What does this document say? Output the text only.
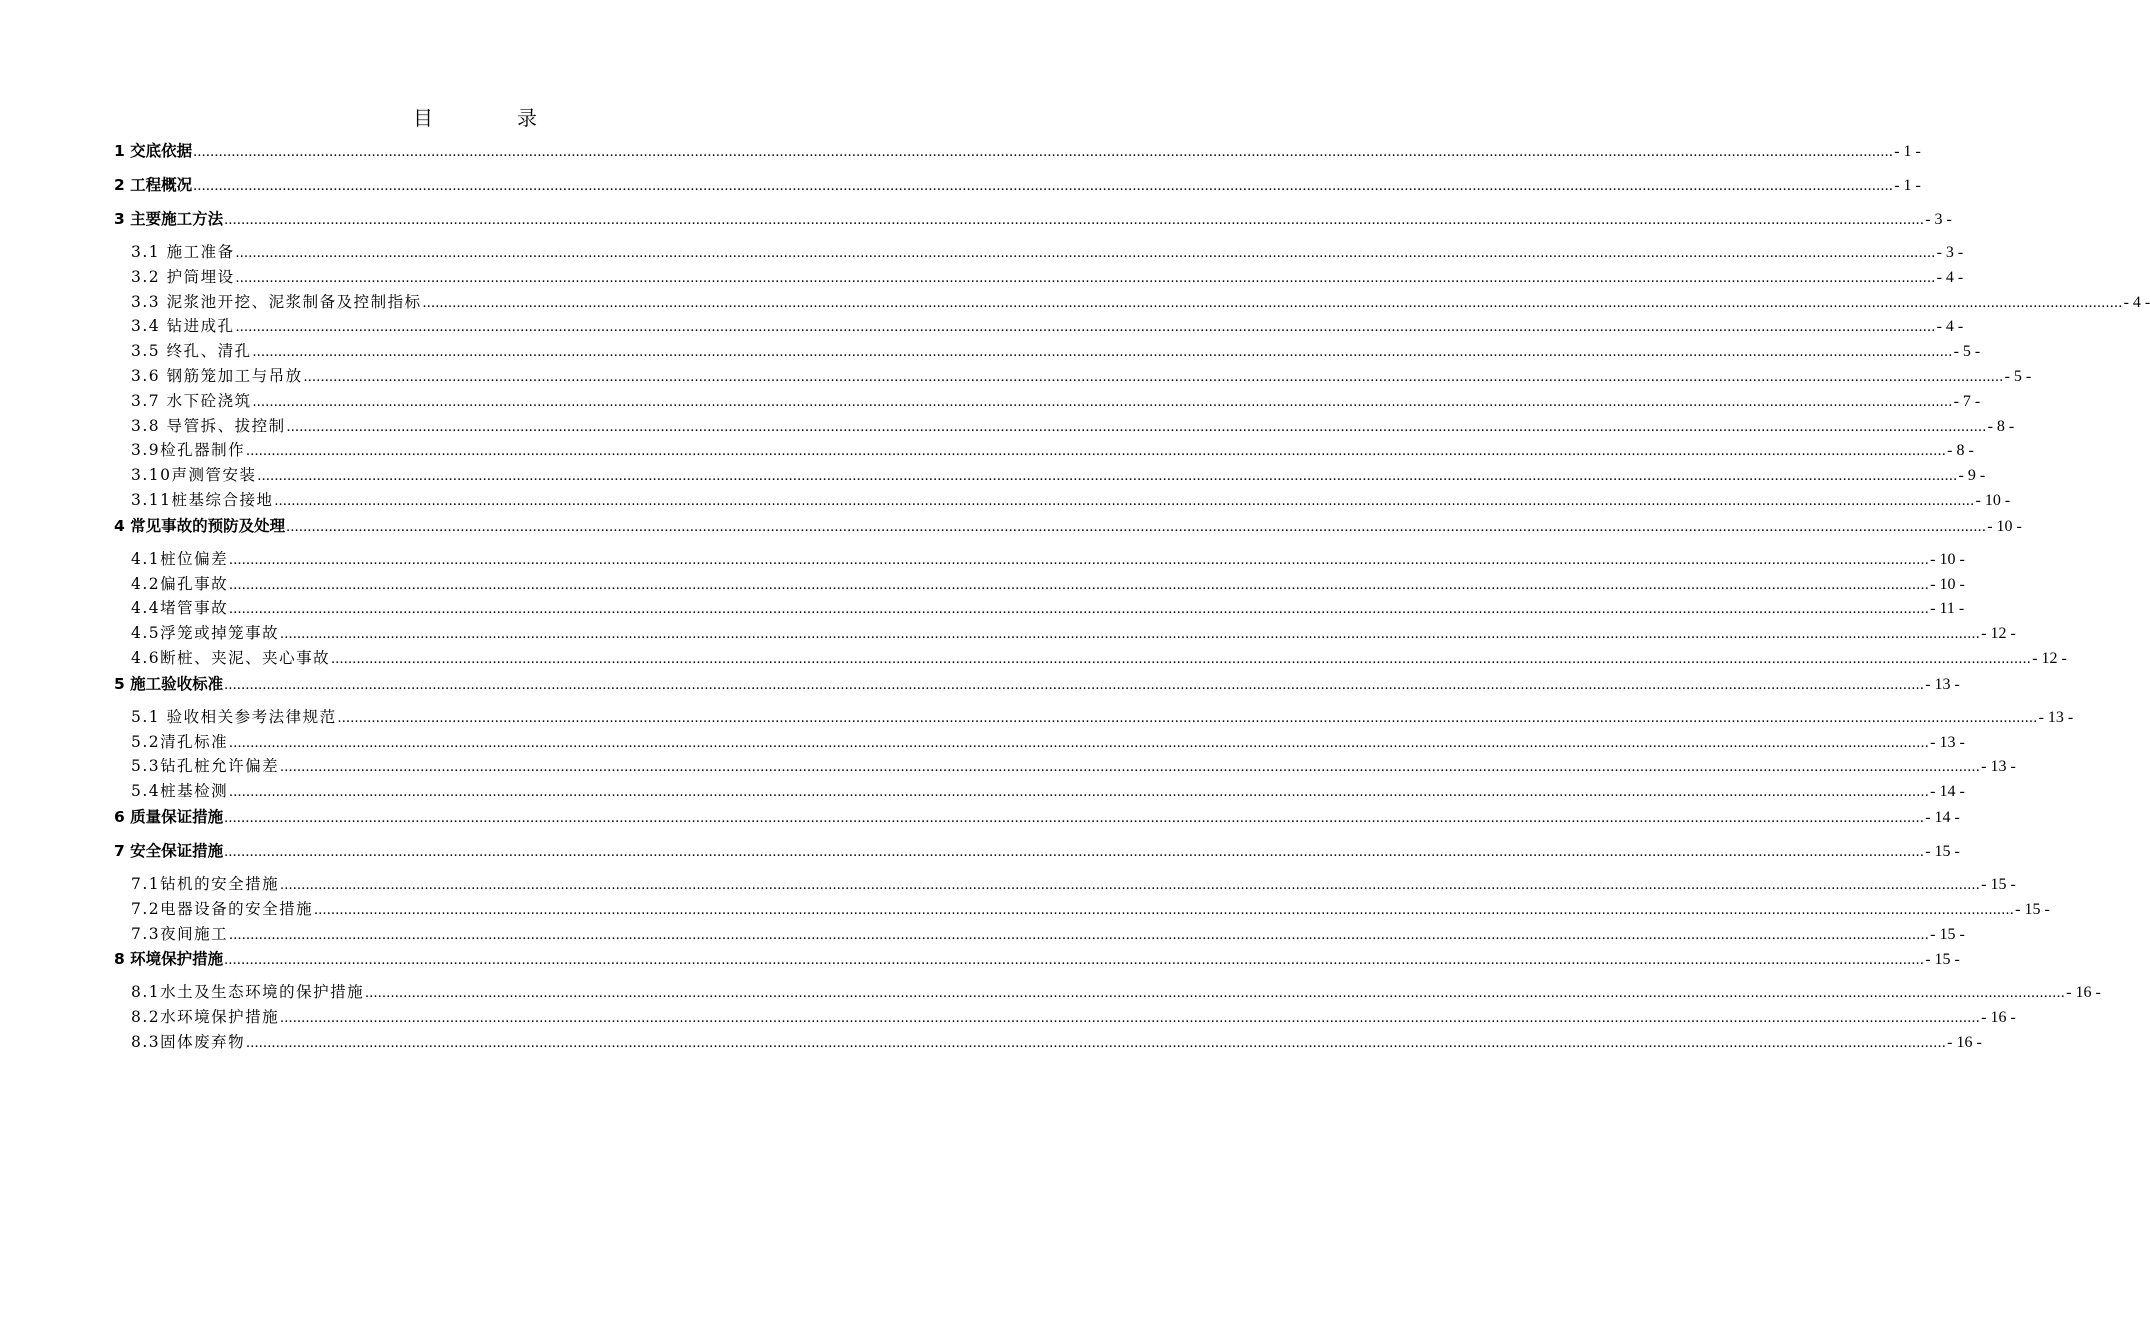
目　录
1 交底依据 ................................................................................................................................................................................................................................................................................................................................................................................................................ - 1 -
2 工程概况 ................................................................................................................................................................................................................................................................................................................................................................................................................ - 1 -
3 主要施工方法 ................................................................................................................................................................................................................................................................................................................................................................................................................ - 3 -
3.1 施工准备 ................................................................................................................................................................................................................................................................................................................................................................................................................ - 3 -
3.2 护筒埋设 ................................................................................................................................................................................................................................................................................................................................................................................................................ - 4 -
3.3 泥浆池开挖、泥浆制备及控制指标 ................................................................................................................................................................................................................................................................................................................................................................................................................ - 4 -
3.4 钻进成孔 ................................................................................................................................................................................................................................................................................................................................................................................................................ - 4 -
3.5 终孔、清孔 ................................................................................................................................................................................................................................................................................................................................................................................................................ - 5 -
3.6 钢筋笼加工与吊放 ................................................................................................................................................................................................................................................................................................................................................................................................................ - 5 -
3.7 水下砼浇筑 ................................................................................................................................................................................................................................................................................................................................................................................................................ - 7 -
3.8 导管拆、拔控制 ................................................................................................................................................................................................................................................................................................................................................................................................................ - 8 -
3.9检孔器制作 ................................................................................................................................................................................................................................................................................................................................................................................................................ - 8 -
3.10声测管安装 ................................................................................................................................................................................................................................................................................................................................................................................................................ - 9 -
3.11桩基综合接地 ................................................................................................................................................................................................................................................................................................................................................................................................................ - 10 -
4 常见事故的预防及处理 ................................................................................................................................................................................................................................................................................................................................................................................................................ - 10 -
4.1桩位偏差 ................................................................................................................................................................................................................................................................................................................................................................................................................ - 10 -
4.2偏孔事故 ................................................................................................................................................................................................................................................................................................................................................................................................................ - 10 -
4.4堵管事故 ................................................................................................................................................................................................................................................................................................................................................................................................................ - 11 -
4.5浮笼或掉笼事故 ................................................................................................................................................................................................................................................................................................................................................................................................................ - 12 -
4.6断桩、夹泥、夹心事故 ................................................................................................................................................................................................................................................................................................................................................................................................................ - 12 -
5 施工验收标准 ................................................................................................................................................................................................................................................................................................................................................................................................................ - 13 -
5.1 验收相关参考法律规范 ................................................................................................................................................................................................................................................................................................................................................................................................................ - 13 -
5.2清孔标准 ................................................................................................................................................................................................................................................................................................................................................................................................................ - 13 -
5.3钻孔桩允许偏差 ................................................................................................................................................................................................................................................................................................................................................................................................................ - 13 -
5.4桩基检测 ................................................................................................................................................................................................................................................................................................................................................................................................................ - 14 -
6 质量保证措施 ................................................................................................................................................................................................................................................................................................................................................................................................................ - 14 -
7 安全保证措施 ................................................................................................................................................................................................................................................................................................................................................................................................................ - 15 -
7.1钻机的安全措施 ................................................................................................................................................................................................................................................................................................................................................................................................................ - 15 -
7.2电器设备的安全措施 ................................................................................................................................................................................................................................................................................................................................................................................................................ - 15 -
7.3夜间施工 ................................................................................................................................................................................................................................................................................................................................................................................................................ - 15 -
8 环境保护措施 ................................................................................................................................................................................................................................................................................................................................................................................................................ - 15 -
8.1水土及生态环境的保护措施 ................................................................................................................................................................................................................................................................................................................................................................................................................ - 16 -
8.2水环境保护措施 ................................................................................................................................................................................................................................................................................................................................................................................................................ - 16 -
8.3固体废弃物 ................................................................................................................................................................................................................................................................................................................................................................................................................ - 16 -
